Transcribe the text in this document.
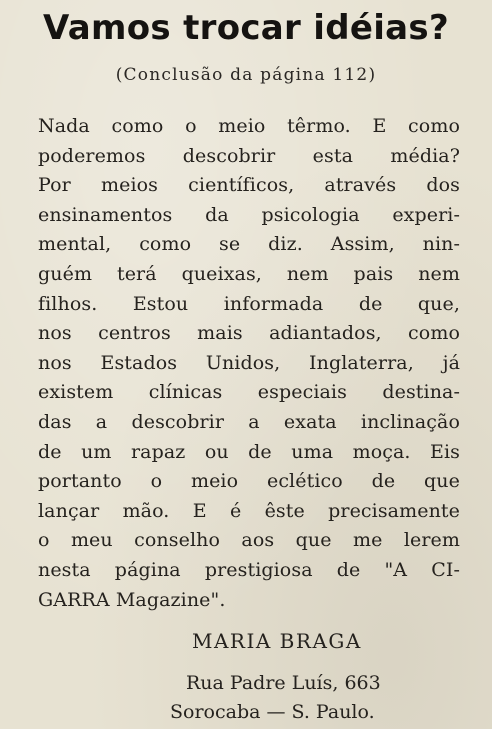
Vamos trocar idéias?
(Conclusão da página 112)
Nada como o meio têrmo. E como
poderemos descobrir esta média?
Por meios científicos, através dos
ensinamentos da psicologia experi-
mental, como se diz. Assim, nin-
guém terá queixas, nem pais nem
filhos. Estou informada de que,
nos centros mais adiantados, como
nos Estados Unidos, Inglaterra, já
existem clínicas especiais destina-
das a descobrir a exata inclinação
de um rapaz ou de uma moça. Eis
portanto o meio eclético de que
lançar mão. E é êste precisamente
o meu conselho aos que me lerem
nesta página prestigiosa de "A CI-
GARRA Magazine".
MARIA BRAGA
Rua Padre Luís, 663
Sorocaba — S. Paulo.
